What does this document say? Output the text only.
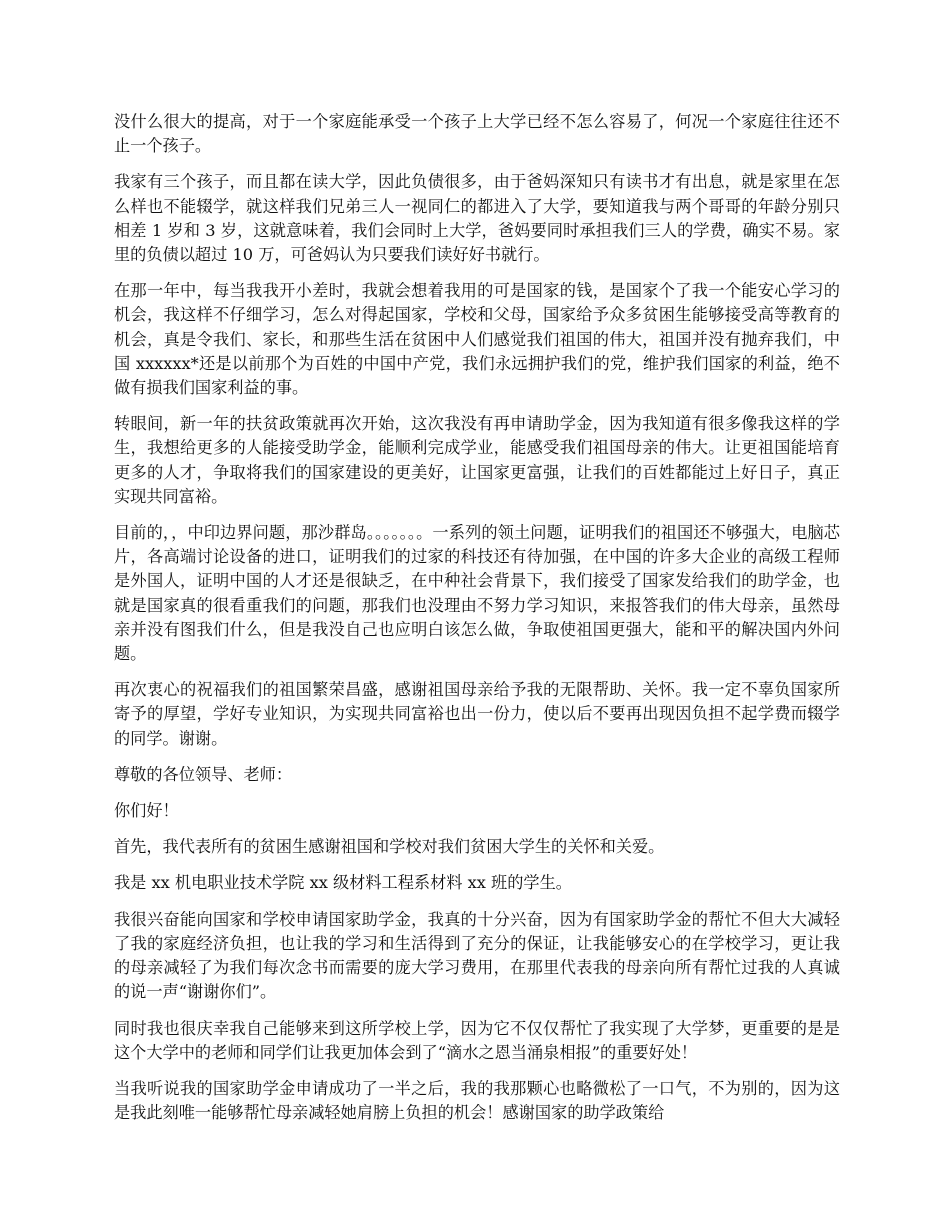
没什么很大的提高，对于一个家庭能承受一个孩子上大学已经不怎么容易了，何况一个家庭往往还不止一个孩子。

我家有三个孩子，而且都在读大学，因此负债很多，由于爸妈深知只有读书才有出息，就是家里在怎么样也不能辍学，就这样我们兄弟三人一视同仁的都进入了大学，要知道我与两个哥哥的年龄分别只相差 1 岁和 3 岁，这就意味着，我们会同时上大学，爸妈要同时承担我们三人的学费，确实不易。家里的负债以超过 10 万，可爸妈认为只要我们读好好书就行。

在那一年中，每当我我开小差时，我就会想着我用的可是国家的钱，是国家个了我一个能安心学习的机会，我这样不仔细学习，怎么对得起国家，学校和父母，国家给予众多贫困生能够接受高等教育的机会，真是令我们、家长，和那些生活在贫困中人们感觉我们祖国的伟大，祖国并没有抛弃我们，中国 xxxxxx*还是以前那个为百姓的中国中产党，我们永远拥护我们的党，维护我们国家的利益，绝不做有损我们国家利益的事。

转眼间，新一年的扶贫政策就再次开始，这次我没有再申请助学金，因为我知道有很多像我这样的学生，我想给更多的人能接受助学金，能顺利完成学业，能感受我们祖国母亲的伟大。让更祖国能培育更多的人才，争取将我们的国家建设的更美好，让国家更富强，让我们的百姓都能过上好日子，真正实现共同富裕。

目前的，，中印边界问题，那沙群岛。。。。。。。一系列的领土问题，证明我们的祖国还不够强大，电脑芯片，各高端讨论设备的进口，证明我们的过家的科技还有待加强，在中国的许多大企业的高级工程师是外国人，证明中国的人才还是很缺乏，在中种社会背景下，我们接受了国家发给我们的助学金，也就是国家真的很看重我们的问题，那我们也没理由不努力学习知识，来报答我们的伟大母亲，虽然母亲并没有图我们什么，但是我没自己也应明白该怎么做，争取使祖国更强大，能和平的解决国内外问题。

再次衷心的祝福我们的祖国繁荣昌盛，感谢祖国母亲给予我的无限帮助、关怀。我一定不辜负国家所寄予的厚望，学好专业知识，为实现共同富裕也出一份力，使以后不要再出现因负担不起学费而辍学的同学。谢谢。

尊敬的各位领导、老师：

你们好！

首先，我代表所有的贫困生感谢祖国和学校对我们贫困大学生的关怀和关爱。

我是 xx 机电职业技术学院 xx 级材料工程系材料 xx 班的学生。

我很兴奋能向国家和学校申请国家助学金，我真的十分兴奋，因为有国家助学金的帮忙不但大大减轻了我的家庭经济负担，也让我的学习和生活得到了充分的保证，让我能够安心的在学校学习，更让我的母亲减轻了为我们每次念书而需要的庞大学习费用，在那里代表我的母亲向所有帮忙过我的人真诚的说一声“谢谢你们”。

同时我也很庆幸我自己能够来到这所学校上学，因为它不仅仅帮忙了我实现了大学梦，更重要的是是这个大学中的老师和同学们让我更加体会到了“滴水之恩当涌泉相报”的重要好处！

当我听说我的国家助学金申请成功了一半之后，我的我那颗心也略微松了一口气，不为别的，因为这是我此刻唯一能够帮忙母亲减轻她肩膀上负担的机会！感谢国家的助学政策给
